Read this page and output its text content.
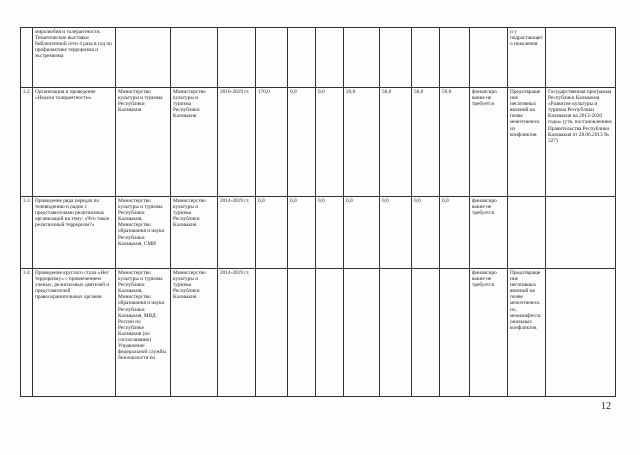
	миролюбия и толерантности. Тематические выставки библиотечной сети 4 раза в год по профилактике терроризма и экстремизма												и у подрастающего поколения	
3.2	Организация и проведение «Недели толерантности»	Министерство культуры и туризма Республики Калмыкия	Министерство культуры и туризма Республики Калмыкия	2016-2019 гг.	170,0	0,0	0,0	20,0	50,0	50,0	50,0	финансиро вание не требуется	Предотвраще ние негативных явлений на почве межэтническ их конфликтов	Государственная программа Республики Калмыкия «Развитие культуры и туризма Республики Калмыкия на 2013-2020 годы» (утв. постановлением Правительства Республики Калмыкия от 28.06.2013 № 327)
3.3	Проведение ряда передач по телевидению и радио с представителями религиозных организаций на тему: «Что такое религиозный терроризм?»	Министерство культуры и туризма Республики Калмыкия, Министерство образования и науки Республики Калмыкия, СМИ	Министерство культуры и туризма Республики Калмыкия	2014-2019 гг.	0,0	0,0	0,0	0,0	0,0	0,0	0,0	финансиро вание не требуется		
3.4	Проведение круглого стола «Нет терроризму» с привлечением ученых, религиозных деятелей и представителей правоохранительных органов	Министерство культуры и туризма Республики Калмыкия, Министерство образования и науки Республики Калмыкия, МВД России по Республике Калмыкия (по согласованию) Управление федеральной службы безопасности по	Министерство культуры и туризма Республики Калмыкия	2014-2019 гг.								финансиро вание не требуется	Предотвраще ние негативных явлений на почве межэтническ их, межконфесси ональных конфликтов	
12
